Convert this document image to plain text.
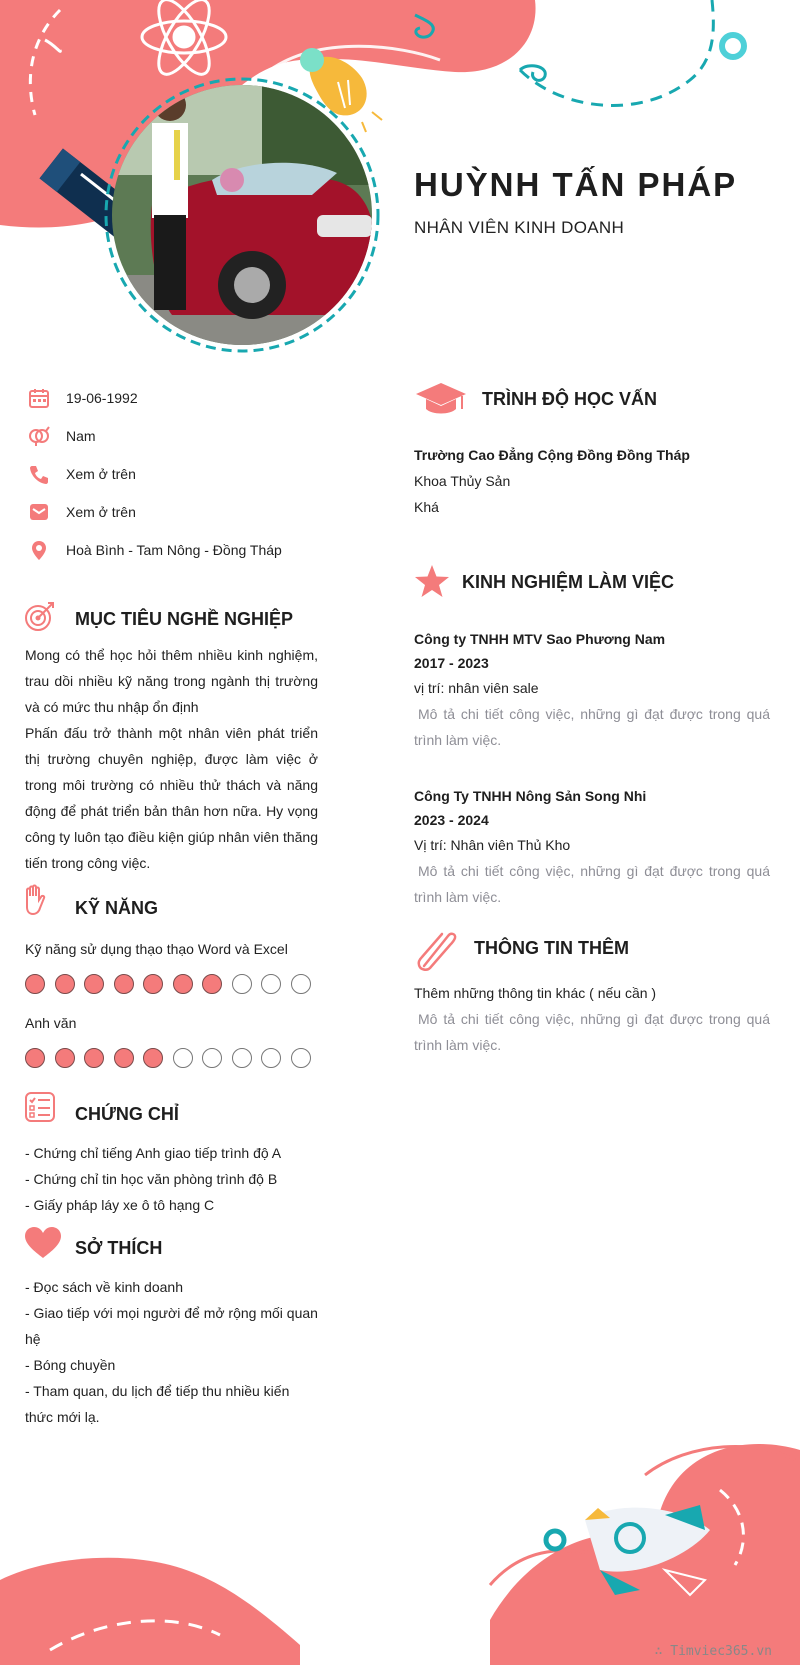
HUỲNH TẤN PHÁP
NHÂN VIÊN KINH DOANH
19-06-1992
Nam
Xem ở trên
Xem ở trên
Hoà Bình - Tam Nông - Đồng Tháp
MỤC TIÊU NGHỀ NGHIỆP
Mong có thể học hỏi thêm nhiều kinh nghiệm, trau dồi nhiều kỹ năng trong ngành thị trường và có mức thu nhập ổn định
Phấn đấu trở thành một nhân viên phát triển thị trường chuyên nghiệp, được làm việc ở trong môi trường có nhiều thử thách và năng động để phát triển bản thân hơn nữa. Hy vọng công ty luôn tạo điều kiện giúp nhân viên thăng tiến trong công việc.
KỸ NĂNG
Kỹ năng sử dụng thạo thạo Word và Excel
Anh văn
CHỨNG CHỈ
- Chứng chỉ tiếng Anh giao tiếp trình độ A
- Chứng chỉ tin học văn phòng trình độ B
- Giấy pháp láy xe ô tô hạng C
SỞ THÍCH
- Đọc sách về kinh doanh
- Giao tiếp với mọi người để mở rộng mối quan hệ
- Bóng chuyền
- Tham quan, du lịch để tiếp thu nhiều kiến thức mới lạ.
TRÌNH ĐỘ HỌC VẤN
Trường Cao Đẳng Cộng Đồng Đồng Tháp
Khoa Thủy Sản
Khá
KINH NGHIỆM LÀM VIỆC
Công ty TNHH MTV Sao Phương Nam
2017 - 2023
vị trí: nhân viên sale
Mô tả chi tiết công việc, những gì đạt được trong quá trình làm việc.
Công Ty TNHH Nông Sản Song Nhi
2023 - 2024
Vị trí: Nhân viên Thủ Kho
Mô tả chi tiết công việc, những gì đạt được trong quá trình làm việc.
THÔNG TIN THÊM
Thêm những thông tin khác ( nếu cần )
Mô tả chi tiết công việc, những gì đạt được trong quá trình làm việc.
∴ Timviec365.vn
